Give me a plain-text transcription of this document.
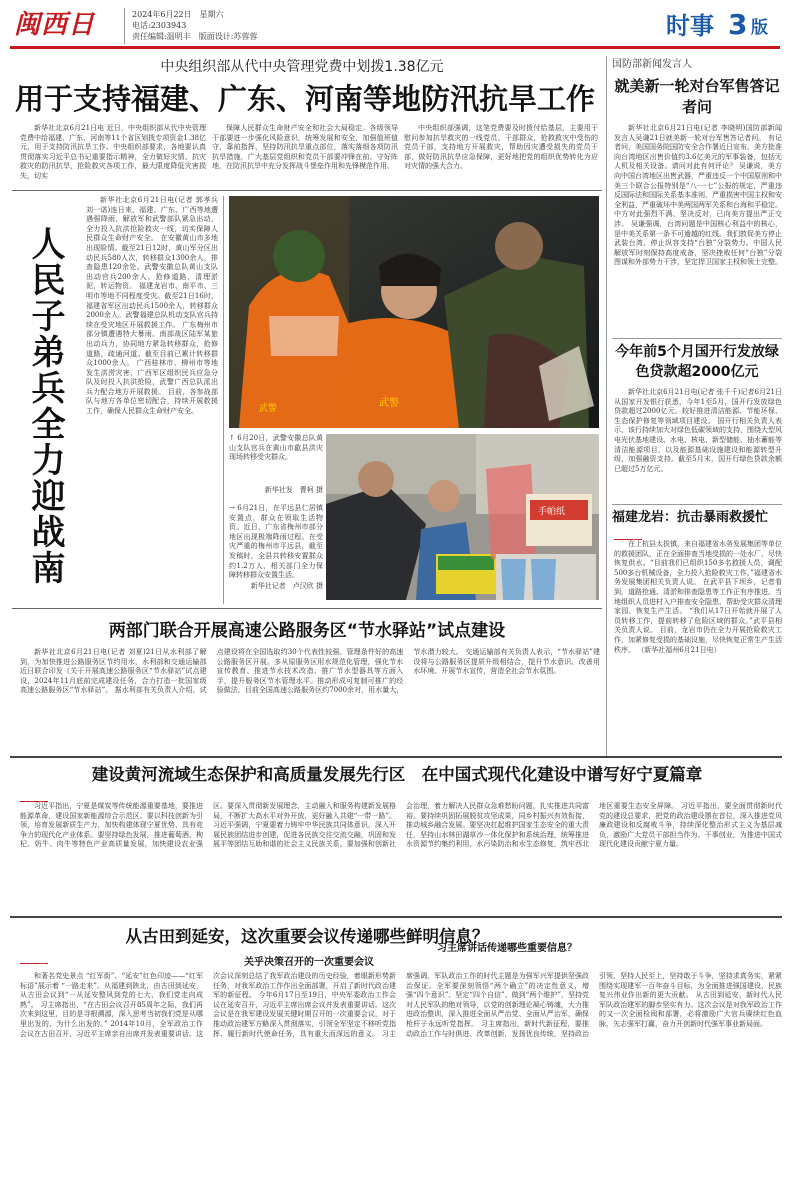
闽西日	2024年6月22日　星期六
电话:2303943
责任编辑:温明丰　版面设计:苏蓉蓉	时事 3 版
中央组织部从代中央管理党费中划拨1.38亿元
用于支持福建、广东、河南等地防汛抗旱工作

新华社北京6月21日电 近日，中央组织部从代中央管理党费中给福建、广东、河南等11个省区划拨专项资金1.38亿元，用于支持防汛抗旱工作。中央组织部要求，各地要认真贯彻落实习近平总书记重要指示精神，全力做好灾情、抗灾救灾的防汛抗旱，抢险救灾各项工作，最大限度降低灾害损失，切实

保障人民群众生命财产安全和社会大局稳定。各级领导干部要进一步强化风险意识，统筹发展和安全，加强值班值守，靠前指挥，坚持防汛抗旱重点部位，落实落细各项防汛抗旱措施，广大基层党组织和党员干部要冲锋在前、守好阵地，在防汛抗旱中充分发挥战斗堡垒作用和先锋模范作用。

中央组织部强调，这笔党费要及时拨付给基层，主要用于慰问参加抗旱救灾的一线党员、干部群众，抢救救灾中受伤的党员干部，支持地方开展救灾，帮助因灾遭受损失的党员干部，做好防汛抗旱应急保障，更好地把党的组织优势转化为应对灾情的强大合力。

人民子弟兵全力迎战南

新华社北京6月21日电(记者 郭孝兵 刘一诺)连日来，福建、广东、广西等地遭遇强降雨，解放军和武警部队紧急出动，全力投入抗洪抢险救灾一线，切实保障人民群众生命财产安全。 在安徽黄山市多地出现险情。截至21日12时，黄山军分区出动民兵580人次，转移群众1300余人，排查隐患120余处。武警安徽总队黄山支队出动官兵200余人，抢修道路、清理淤泥，转运物资。 福建龙岩市、南平市、三明市等地不同程度受灾。截至21日16时，福建省军区出动民兵1500余人，转移群众2000余人。武警福建总队机动支队官兵持续在受灾地区开展救援工作。 广东梅州市部分镇遭遇特大暴雨。南部战区陆军某旅出动兵力，协同地方紧急转移群众，抢修道路，疏通河道。截至目前已累计转移群众1000余人。 广西桂林市、柳州市等地发生洪涝灾害，广西军区组织民兵应急分队及时投入抗洪抢险，武警广西总队派出兵力配合地方开展救援。 目前，各参战部队与地方各单位密切配合，持续开展救援工作，确保人民群众生命财产安全。

武警
武警
↑ 6月20日，武警安徽总队黄山支队官兵在黄山市歙县洪灾现场转移受灾群众。
新华社发　曹柯 摄
手帕纸
→ 6月21日，在平远县仁居镇安置点，群众在领取生活物资。近日，广东省梅州市部分地区出现极端降雨过程。在受灾严重的梅州市平远县，截至发稿时，全县共转移安置群众约1.2万人，相关部门全力保障转移群众安置生活。
新华社记者　卢汉欣 摄
两部门联合开展高速公路服务区“节水驿站”试点建设

新华社北京6月21日电(记者 刘夏)21日从水利部了解到，为加快推进公路服务区节约用水，水利部和交通运输部近日联合印发《关于开展高速公路服务区“节水驿站”试点建设，2024年11月底前完成建设任务，合力打造一批国家级高速公路服务区“节水驿站”。 据水利部有关负责人介绍，试点建设将在全国选取约30个代表性较强、管理条件好的高速公路服务区开展。多从原服务区用水规范化管理，强化节水宣传教育、推进节水技术改造、推广节水型器具等方面入手，提升服务区节水管理水平。推动形成可复制可推广的经验做法，目前全国高速公路服务区约7000余对，用水量大，节水潜力较大。 交通运输部有关负责人表示，“节水驿站”建设将与公路服务区提质升级相结合，提升节水意识、改善用水环境、开展节水宣传，营造全社会节水氛围。

国防部新闻发言人
就美新一轮对台军售答记者问

新华社北京6月21日电(记者 李晓明)国防部新闻发言人吴谦21日就美新一轮对台军售答记者问。 有记者问，美国国务院国防安全合作署近日宣布，美方批准向台湾地区出售价值约3.6亿美元的军事装备，包括无人机及相关设备。请问对此有何评论？ 吴谦说，美方向中国台湾地区出售武器，严重违反一个中国原则和中美三个联合公报特别是“八·一七”公报的规定，严重违反国际法和国际关系基本准则，严重损害中国主权和安全利益，严重破坏中美两国两军关系和台海和平稳定。中方对此强烈不满、坚决反对，已向美方提出严正交涉。 吴谦强调，台湾问题是中国核心利益中的核心，是中美关系第一条不可逾越的红线。我们敦促美方停止武装台湾，停止纵容支持“台独”分裂势力。中国人民解放军时刻保持高度戒备，坚决挫败任何“台独”分裂图谋和外部势力干涉，坚定捍卫国家主权和领土完整。

今年前5个月国开行发放绿色贷款超2000亿元

新华社北京6月21日电(记者 张千千)记者6月21日从国家开发银行获悉，今年1至5月，国开行发放绿色贷款超过2000亿元，较好推进清洁能源、节能环保、生态保护修复等领域项目建设。 国开行相关负责人表示，该行持续加大对绿色低碳领域的支持，围绕大型风电光伏基地建设、水电、核电、新型储能、抽水蓄能等清洁能源项目，以及能源基础设施建设和能源转型升级，加强融资支持。截至5月末，国开行绿色贷款余额已超过5万亿元。

福建龙岩：抗击暴雨救援忙

在上杭县太拔镇，来自福建省水务发展集团等单位的救援团队，正在全面排查当地受损的一处水厂，尽快恢复供水。“目前我们已组织150多名救援人员，调配500多台机械设备，全力投入抢险救灾工作。”福建省水务发展集团相关负责人说。 在武平县下坝乡，记者看到，道路抢通、清淤和排查隐患等工作正有序推进。当地组织人员进村入户排查安全隐患，帮助受灾群众清理家园、恢复生产生活。 “我们从17日开始就开展了人员转移工作，提前转移了危险区域的群众。”武平县相关负责人说。 目前，龙岩市仍在全力开展抢险救灾工作，加紧修复受损的基础设施，尽快恢复正常生产生活秩序。 （新华社福州6月21日电）

建设黄河流域生态保护和高质量发展先行区　在中国式现代化建设中谱写好宁夏篇章

习近平指出，宁夏是煤炭等传统能源重要基地，要推进能源革命，建设国家新能源综合示范区。要以科技创新为引领，培育发展新质生产力，加快构建体现宁夏优势、具有竞争力的现代化产业体系。要坚持绿色发展，推进葡萄酒、枸杞、奶牛、肉牛等特色产业高质量发展，加快建设农业强区。要深入贯彻新发展理念，主动融入和服务构建新发展格局，不断扩大高水平对外开放，更好融入共建“一带一路”。 习近平强调，宁夏要着力铸牢中华民族共同体意识，深入开展民族团结进步创建，促进各民族交往交流交融，巩固和发展平等团结互助和谐的社会主义民族关系。要加强和创新社会治理，着力解决人民群众急难愁盼问题，扎实推进共同富裕。要持续巩固拓展脱贫攻坚成果，同乡村振兴有效衔接，推动城乡融合发展。要坚决扛起维护国家生态安全的重大责任，坚持山水林田湖草沙一体化保护和系统治理，统筹推进水资源节约集约利用、水污染防治和水生态修复，筑牢西北地区重要生态安全屏障。 习近平指出，要全面贯彻新时代党的建设总要求，把党的政治建设摆在首位，深入推进党风廉政建设和反腐败斗争，持续深化整治形式主义为基层减负，激励广大党员干部担当作为、干事创业，为推进中国式现代化建设贡献宁夏力量。

从古田到延安，这次重要会议传递哪些鲜明信息？
关乎决策召开的一次重要会议
习主席讲话传递哪些重要信息？

和著名党史景点 “红军街”、“延安”红色印迹——“红军标语”展示着 “一路走来”。从福建到陕北，由古田到延安，从古田会议到“一从延安整风到党的七大，我们党走向成熟”。 习主席指出，“在古田会议召开85周年之际，我们再次来到这里，目的是寻根溯源，深入思考当初我们党是从哪里出发的、为什么出发的。” 2014年10月，全军政治工作会议在古田召开，习近平主席亲自出席并发表重要讲话。这次会议深刻总结了我军政治建设的历史经验，着眼新形势新任务，对我军政治工作作出全面部署，开启了新时代政治建军的新征程。 今年6月17日至19日，中央军委政治工作会议在延安召开，习近平主席出席会议并发表重要讲话。这次会议是在我军建设发展关键时期召开的一次重要会议，对于推动政治建军方略深入贯彻落实，引领全军坚定不移听党指挥、履行新时代使命任务，具有重大而深远的意义。 习主席强调，军队政治工作的时代主题是为强军兴军提供坚强政治保证。全军要深刻领悟“两个确立”的决定性意义，增强“四个意识”、坚定“四个自信”、做到“两个维护”，坚持党对人民军队的绝对领导，以党的创新理论凝心铸魂，大力推进政治整训，深入推进全面从严治党、全面从严治军，确保枪杆子永远听党指挥。 习主席指出，新时代新征程，要推动政治工作与时俱进、改革创新，发扬优良传统，坚持政治引领，坚持人民至上，坚持敢于斗争，坚持求真务实，紧紧围绕实现建军一百年奋斗目标，为全面推进强国建设、民族复兴伟业作出新的更大贡献。 从古田到延安，新时代人民军队政治建军的脚步坚实有力。这次会议是对我军政治工作的又一次全面检阅和部署，必将激励广大官兵赓续红色血脉，矢志强军打赢，奋力开创新时代强军事业新局面。
